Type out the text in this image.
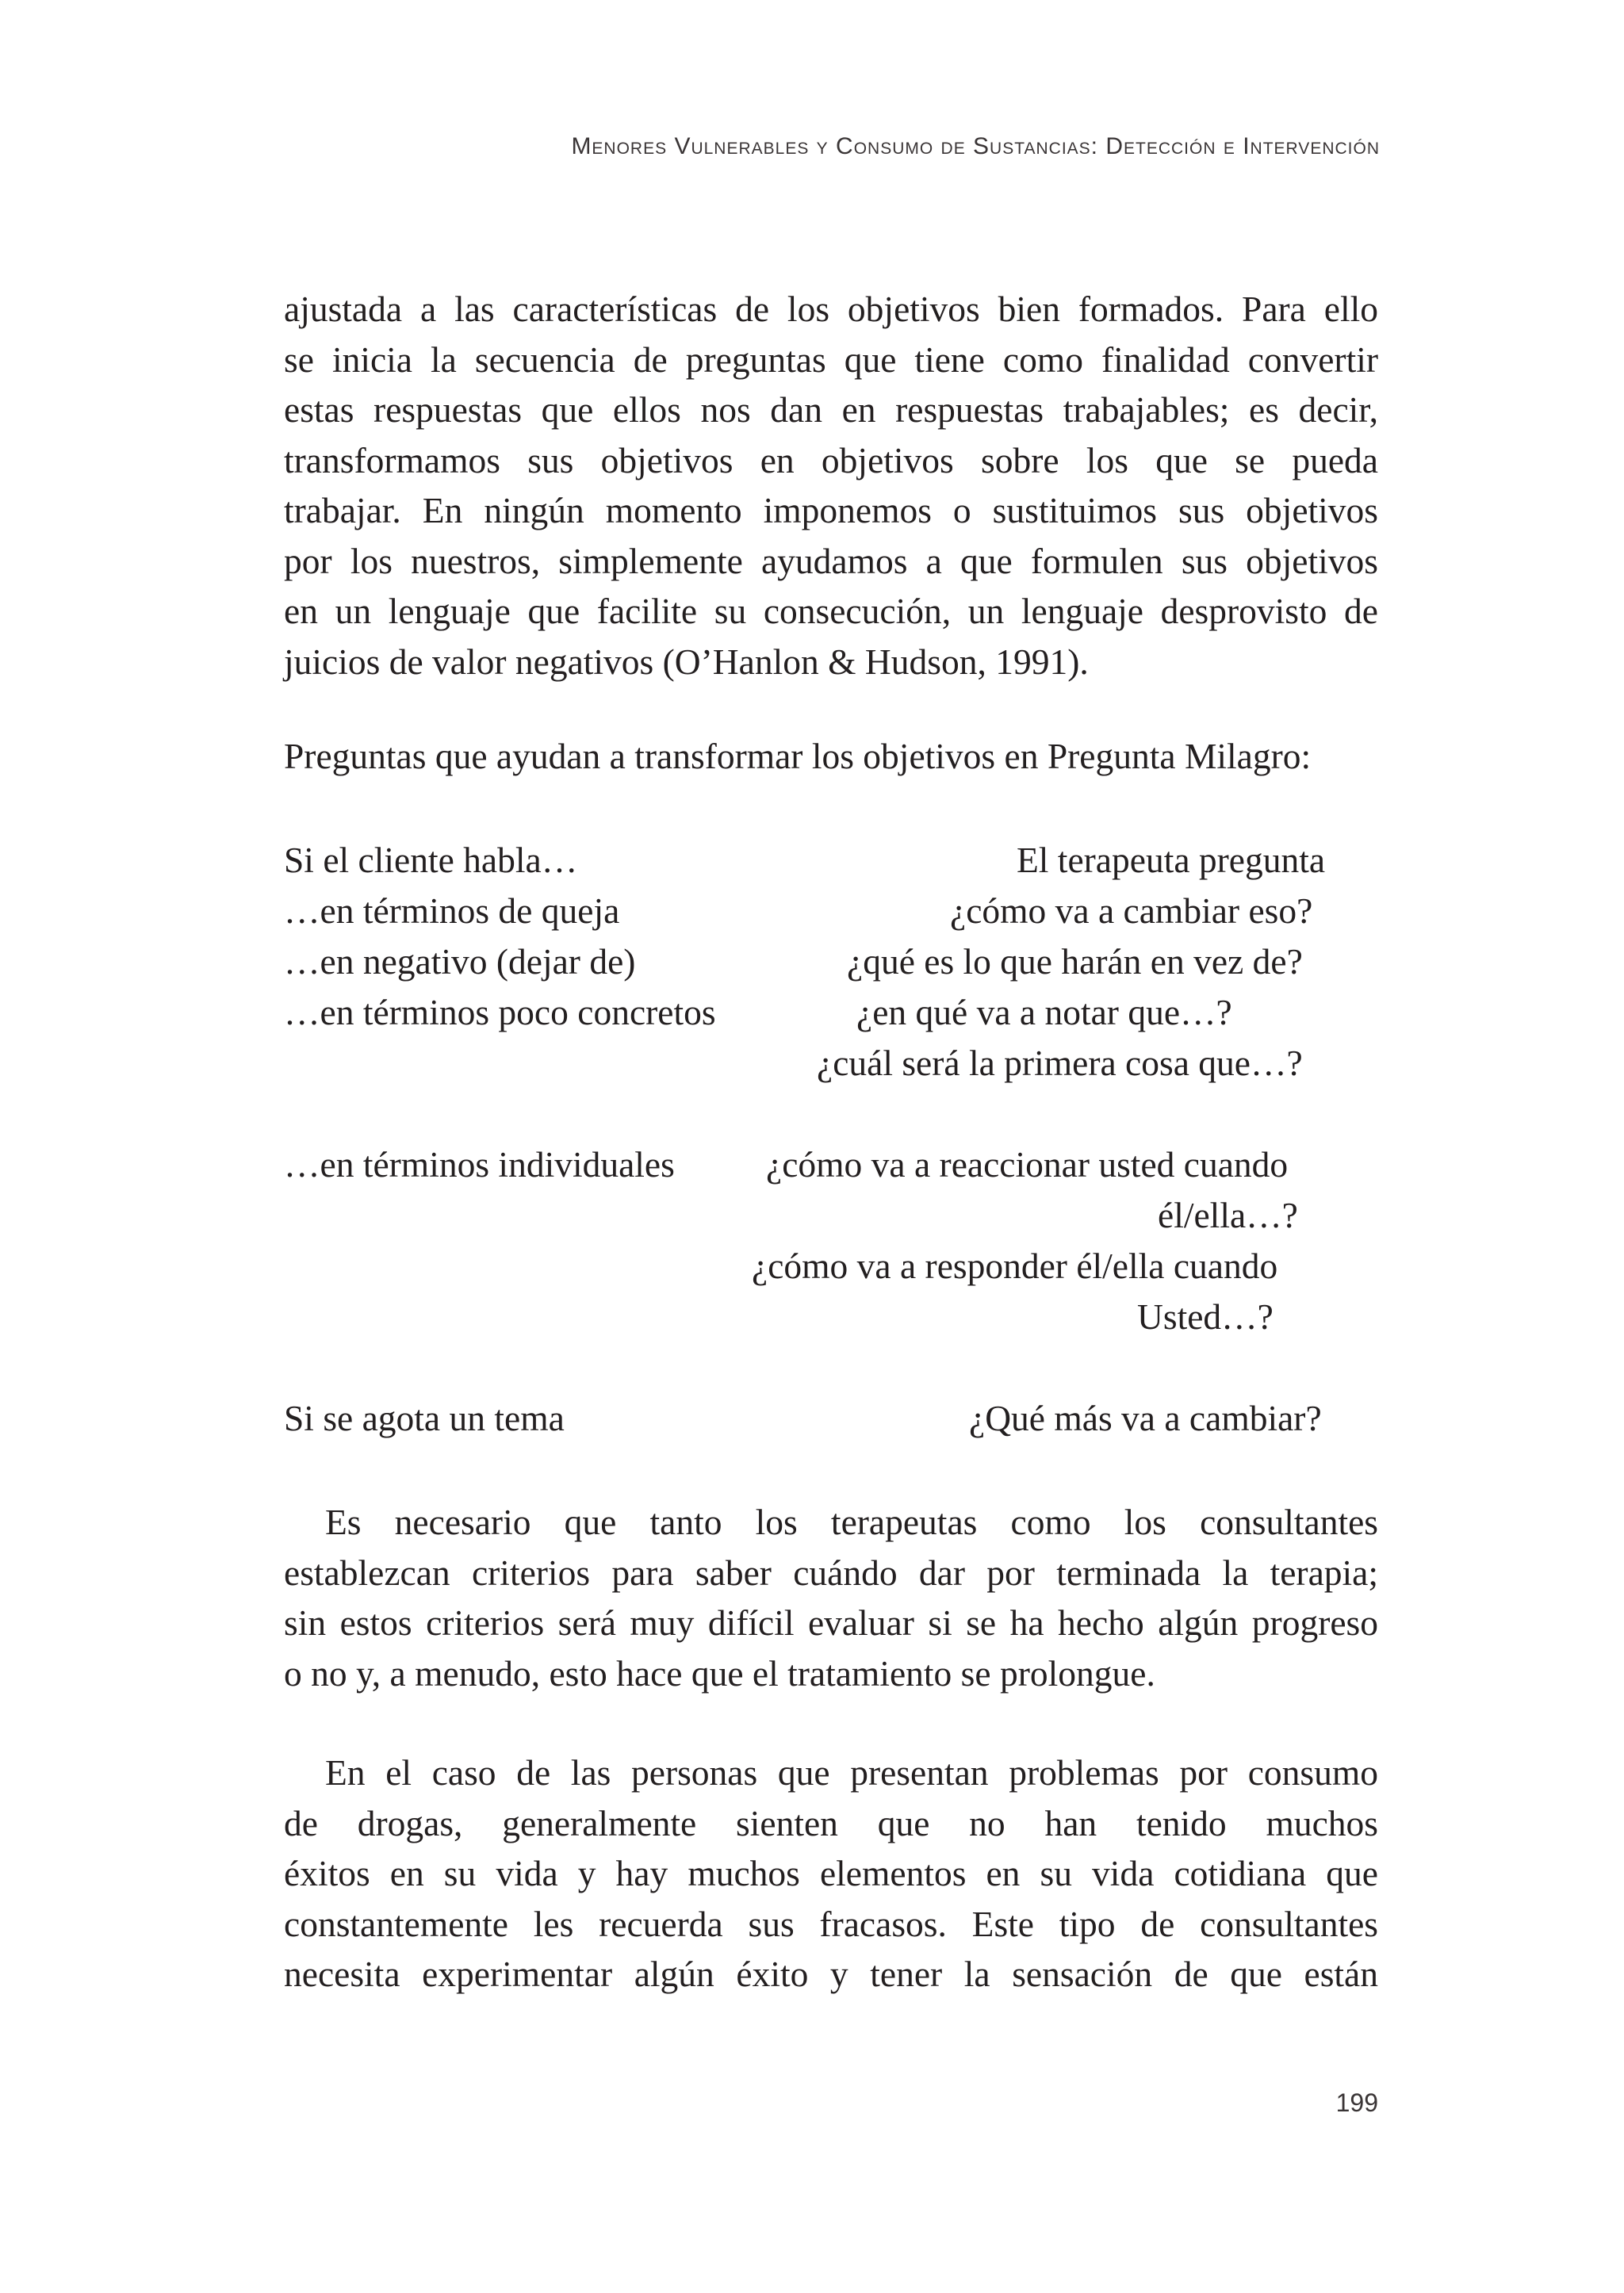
Menores Vulnerables y Consumo de Sustancias: Detección e Intervención
ajustada a las características de los objetivos bien formados. Para ello
se inicia la secuencia de preguntas que tiene como finalidad convertir
estas respuestas que ellos nos dan en respuestas trabajables; es decir,
transformamos sus objetivos en objetivos sobre los que se pueda
trabajar. En ningún momento imponemos o sustituimos sus objetivos
por los nuestros, simplemente ayudamos a que formulen sus objetivos
en un lenguaje que facilite su consecución, un lenguaje desprovisto de
juicios de valor negativos (O’Hanlon & Hudson, 1991).
Preguntas que ayudan a transformar los objetivos en Pregunta Milagro:
Si el cliente habla…	El terapeuta pregunta
…en términos de queja	¿cómo va a cambiar eso?
…en negativo (dejar de)	¿qué es lo que harán en vez de?
…en términos poco concretos	¿en qué va a notar que…?
¿cuál será la primera cosa que…?
…en términos individuales	¿cómo va a reaccionar usted cuando
él/ella…?
¿cómo va a responder él/ella cuando
Usted…?
Si se agota un tema	¿Qué más va a cambiar?
Es necesario que tanto los terapeutas como los consultantes
establezcan criterios para saber cuándo dar por terminada la terapia;
sin estos criterios será muy difícil evaluar si se ha hecho algún progreso
o no y, a menudo, esto hace que el tratamiento se prolongue.
En el caso de las personas que presentan problemas por consumo
de drogas, generalmente sienten que no han tenido muchos
éxitos en su vida y hay muchos elementos en su vida cotidiana que
constantemente les recuerda sus fracasos. Este tipo de consultantes
necesita experimentar algún éxito y tener la sensación de que están
199
